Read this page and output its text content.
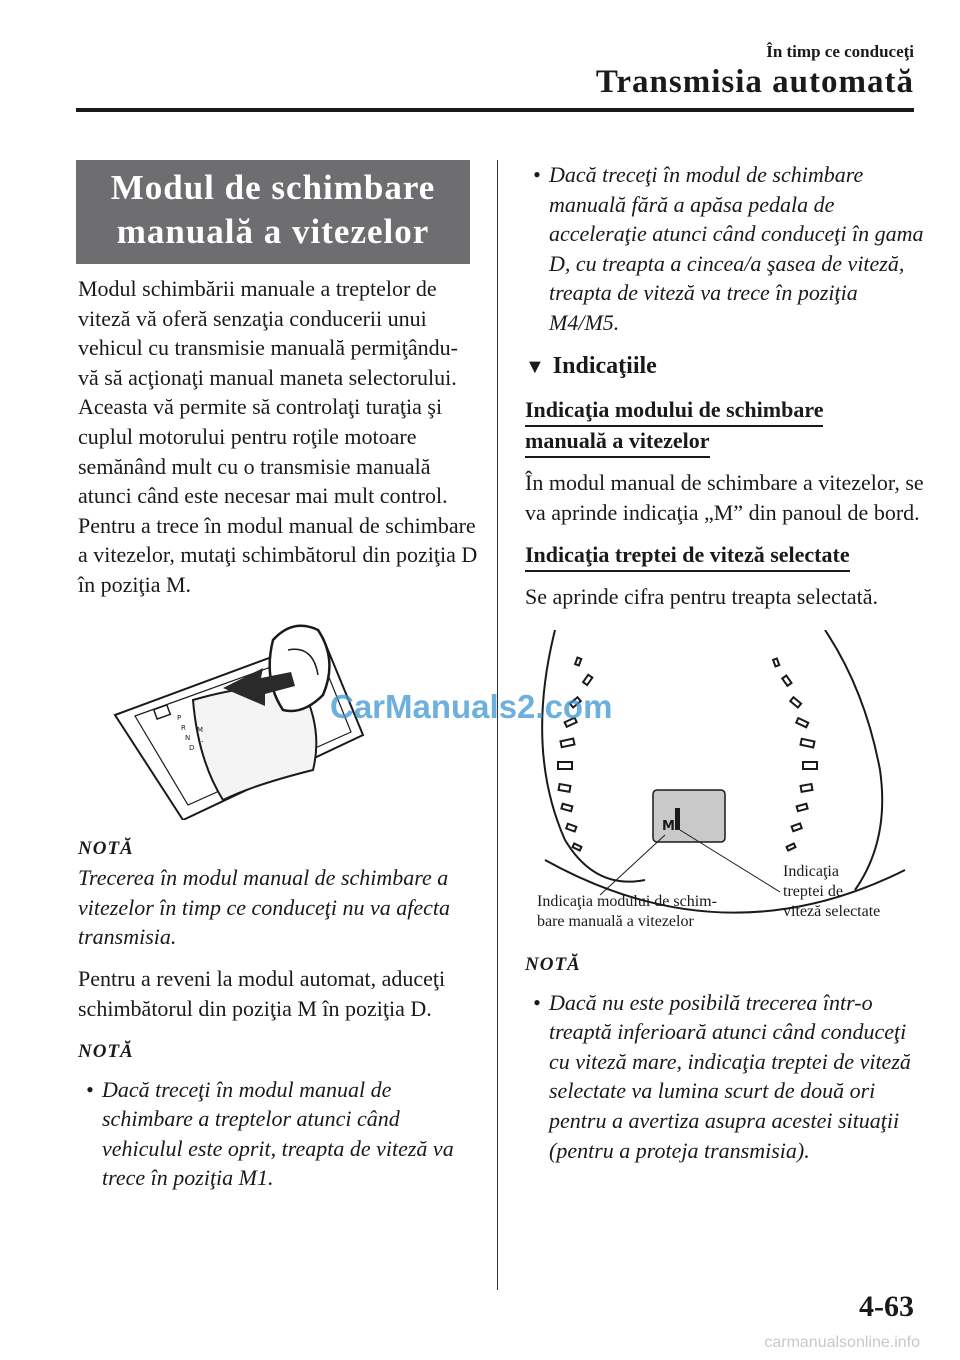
În timp ce conduceţi
Transmisia automată
Modul de schimbare
manuală a vitezelor

Modul schimbării manuale a treptelor de viteză vă oferă senzaţia conducerii unui vehicul cu transmisie manuală permiţându-vă să acţionaţi manual maneta selectorului. Aceasta vă permite să controlaţi turaţia şi cuplul motorului pentru roţile motoare semănând mult cu o transmisie manuală atunci când este necesar mai mult control.

Pentru a trece în modul manual de schimbare a vitezelor, mutaţi schimbătorul din poziţia D în poziţia M.

P
R
N
D
M
-
NOTĂ

Trecerea în modul manual de schimbare a vitezelor în timp ce conduceţi nu va afecta transmisia.

Pentru a reveni la modul automat, aduceţi schimbătorul din poziţia M în poziţia D.

NOTĂ
• Dacă treceţi în modul manual de schimbare a treptelor atunci când vehiculul este oprit, treapta de viteză va trece în poziţia M1.
• Dacă treceţi în modul de schimbare manuală fără a apăsa pedala de acceleraţie atunci când conduceţi în gama D, cu treapta a cincea/a şasea de viteză, treapta de viteză va trece în poziţia M4/M5.
▼ Indicaţiile
Indicaţia modului de schimbare
manuală a vitezelor

În modul manual de schimbare a vitezelor, se va aprinde indicaţia „M” din panoul de bord.

Indicaţia treptei de viteză selectate

Se aprinde cifra pentru treapta selectată.

M
Indicaţia modului de schim-
bare manuală a vitezelor
Indicaţia
treptei de
viteză selectate
NOTĂ
• Dacă nu este posibilă trecerea într-o treaptă inferioară atunci când conduceţi cu viteză mare, indicaţia treptei de viteză selectate va lumina scurt de două ori pentru a avertiza asupra acestei situaţii (pentru a proteja transmisia).
CarManuals2.com
4-63
carmanualsonline.info
